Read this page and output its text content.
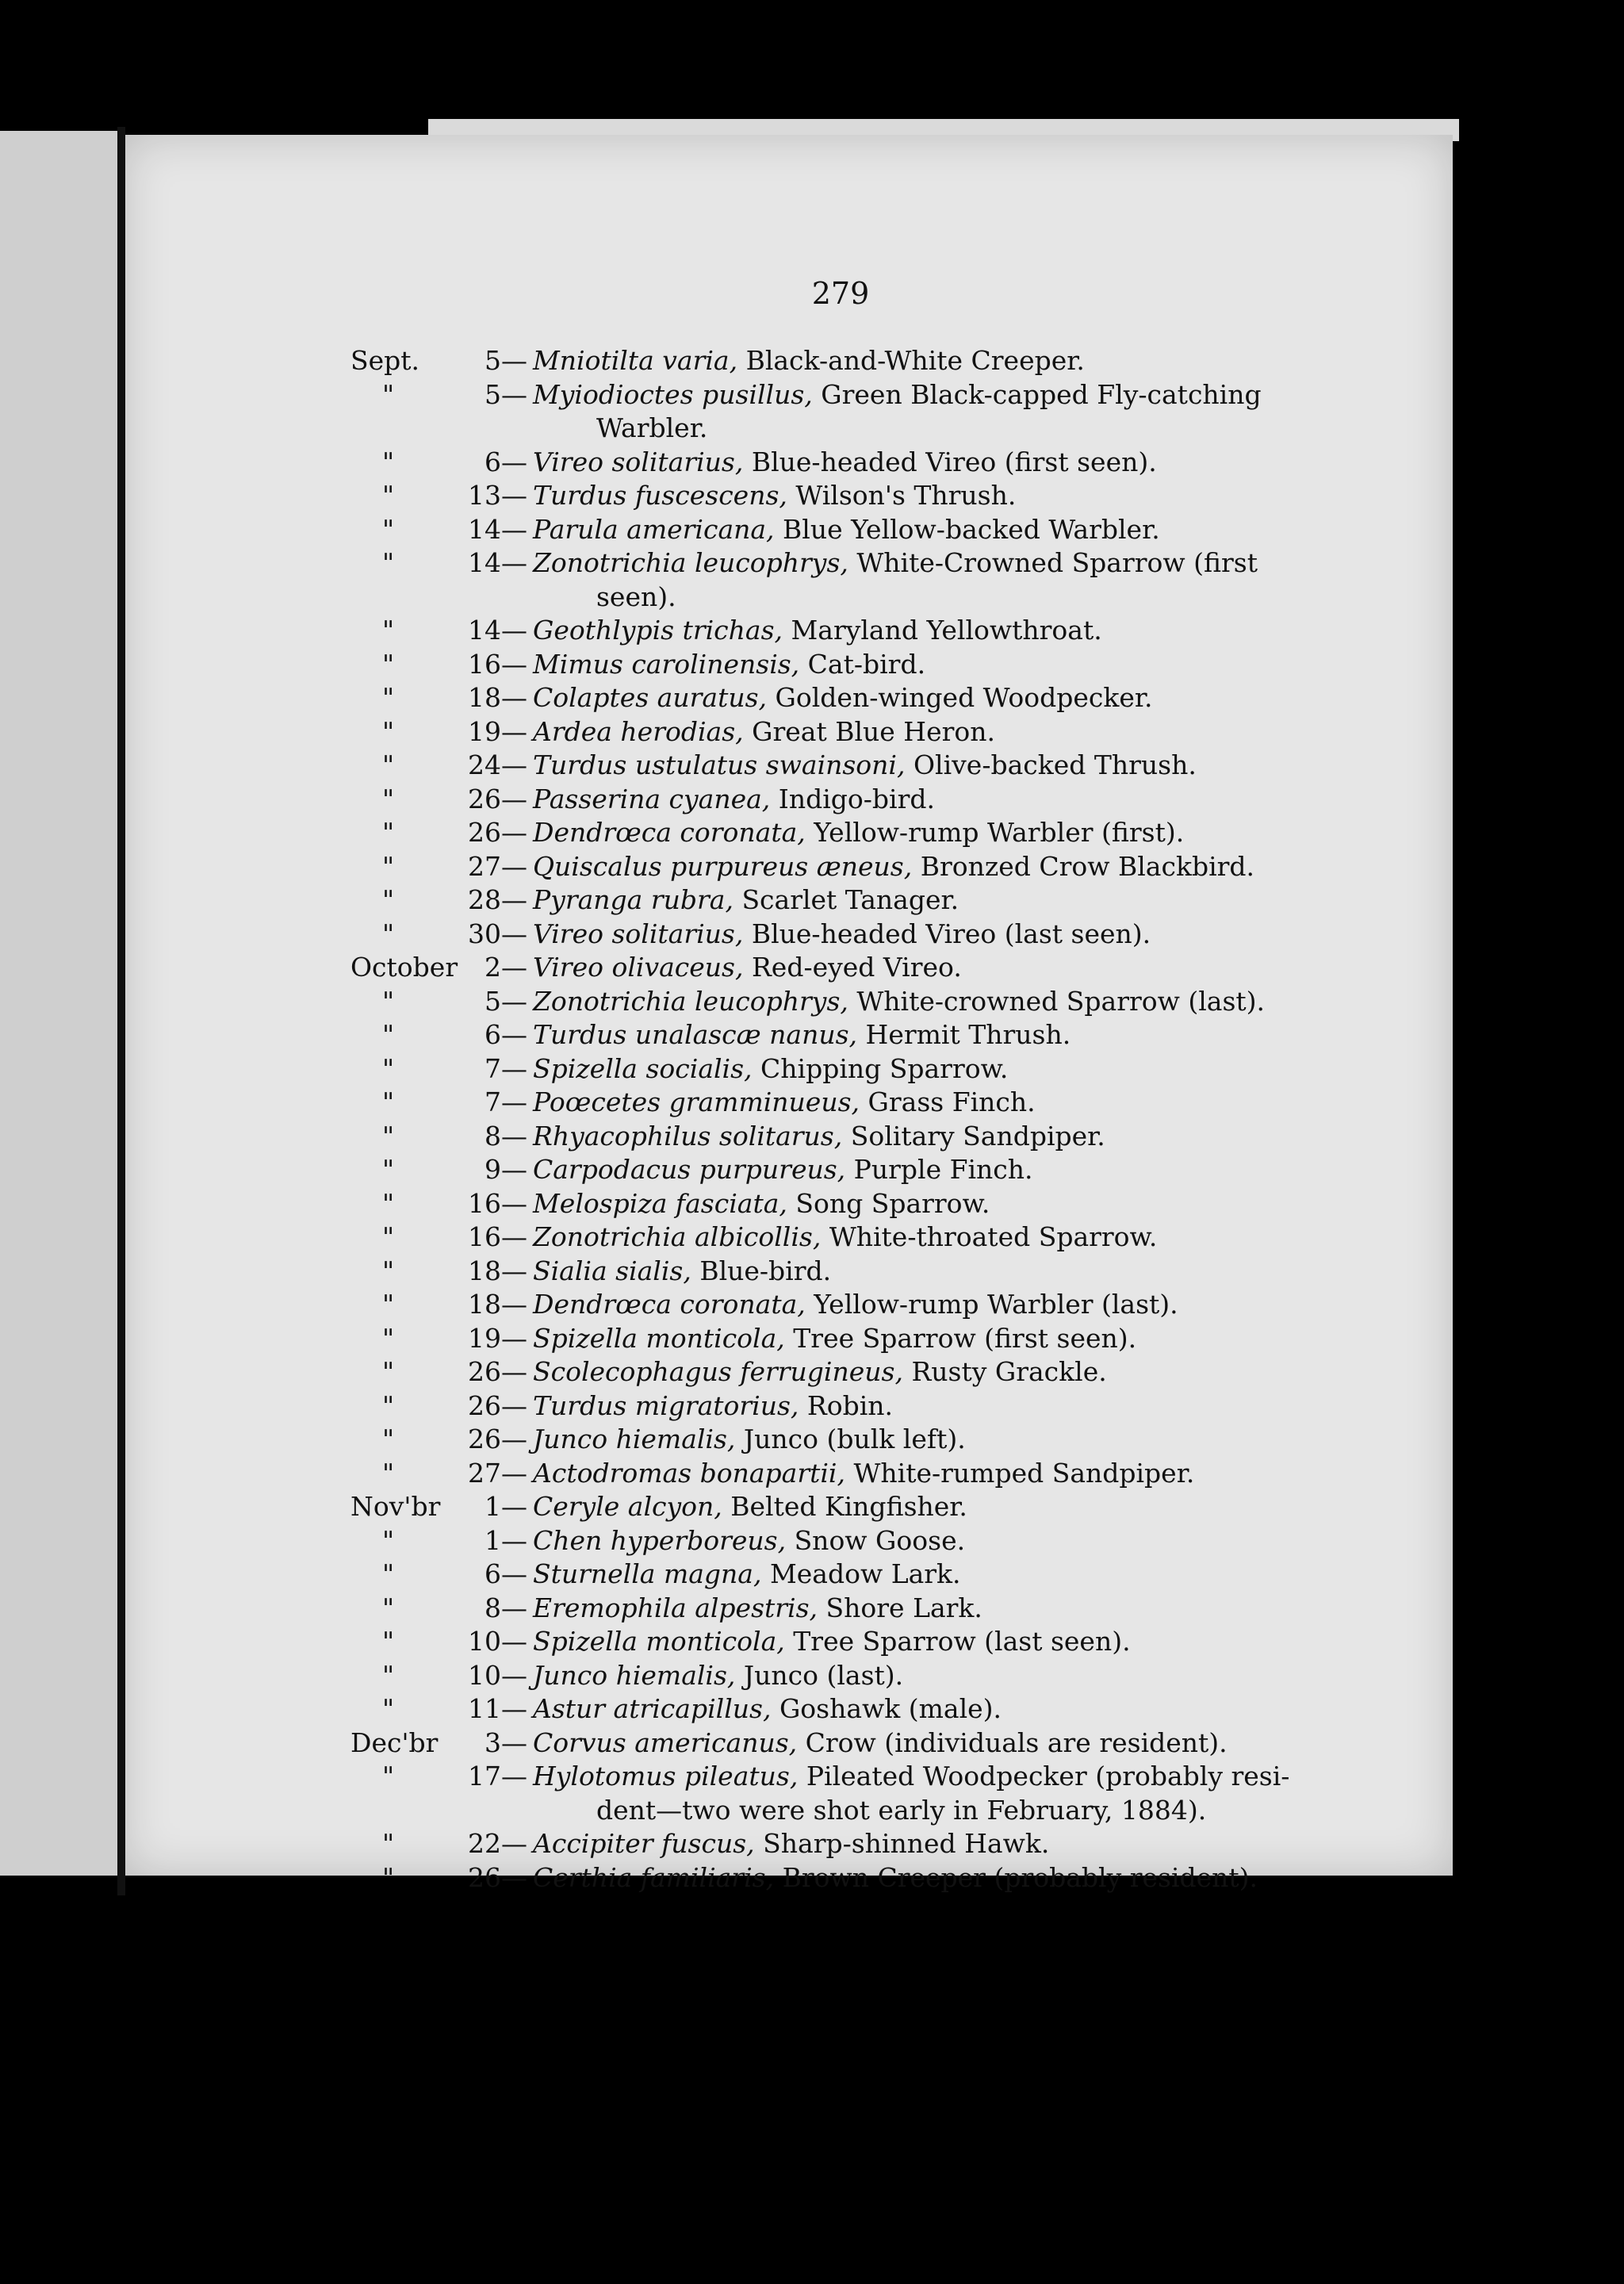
279
Sept.	5 — Mniotilta varia, Black-and-White Creeper.
"	5 — Myiodioctes pusillus, Green Black-capped Fly-catching
Warbler.
"	6 — Vireo solitarius, Blue-headed Vireo (first seen).
"	13 — Turdus fuscescens, Wilson's Thrush.
"	14 — Parula americana, Blue Yellow-backed Warbler.
"	14 — Zonotrichia leucophrys, White-Crowned Sparrow (first
seen).
"	14 — Geothlypis trichas, Maryland Yellowthroat.
"	16 — Mimus carolinensis, Cat-bird.
"	18 — Colaptes auratus, Golden-winged Woodpecker.
"	19 — Ardea herodias, Great Blue Heron.
"	24 — Turdus ustulatus swainsoni, Olive-backed Thrush.
"	26 — Passerina cyanea, Indigo-bird.
"	26 — Dendrœca coronata, Yellow-rump Warbler (first).
"	27 — Quiscalus purpureus æneus, Bronzed Crow Blackbird.
"	28 — Pyranga rubra, Scarlet Tanager.
"	30 — Vireo solitarius, Blue-headed Vireo (last seen).
October	2 — Vireo olivaceus, Red-eyed Vireo.
"	5 — Zonotrichia leucophrys, White-crowned Sparrow (last).
"	6 — Turdus unalascæ nanus, Hermit Thrush.
"	7 — Spizella socialis, Chipping Sparrow.
"	7 — Poœcetes gramminueus, Grass Finch.
"	8 — Rhyacophilus solitarus, Solitary Sandpiper.
"	9 — Carpodacus purpureus, Purple Finch.
"	16 — Melospiza fasciata, Song Sparrow.
"	16 — Zonotrichia albicollis, White-throated Sparrow.
"	18 — Sialia sialis, Blue-bird.
"	18 — Dendrœca coronata, Yellow-rump Warbler (last).
"	19 — Spizella monticola, Tree Sparrow (first seen).
"	26 — Scolecophagus ferrugineus, Rusty Grackle.
"	26 — Turdus migratorius, Robin.
"	26 — Junco hiemalis, Junco (bulk left).
"	27 — Actodromas bonapartii, White-rumped Sandpiper.
Nov'br	1 — Ceryle alcyon, Belted Kingfisher.
"	1 — Chen hyperboreus, Snow Goose.
"	6 — Sturnella magna, Meadow Lark.
"	8 — Eremophila alpestris, Shore Lark.
"	10 — Spizella monticola, Tree Sparrow (last seen).
"	10 — Junco hiemalis, Junco (last).
"	11 — Astur atricapillus, Goshawk (male).
Dec'br	3 — Corvus americanus, Crow (individuals are resident).
"	17 — Hylotomus pileatus, Pileated Woodpecker (probably resi-
dent—two were shot early in February, 1884).
"	22 — Accipiter fuscus, Sharp-shinned Hawk.
"	26 — Certhia familiaris, Brown Creeper (probably resident).
